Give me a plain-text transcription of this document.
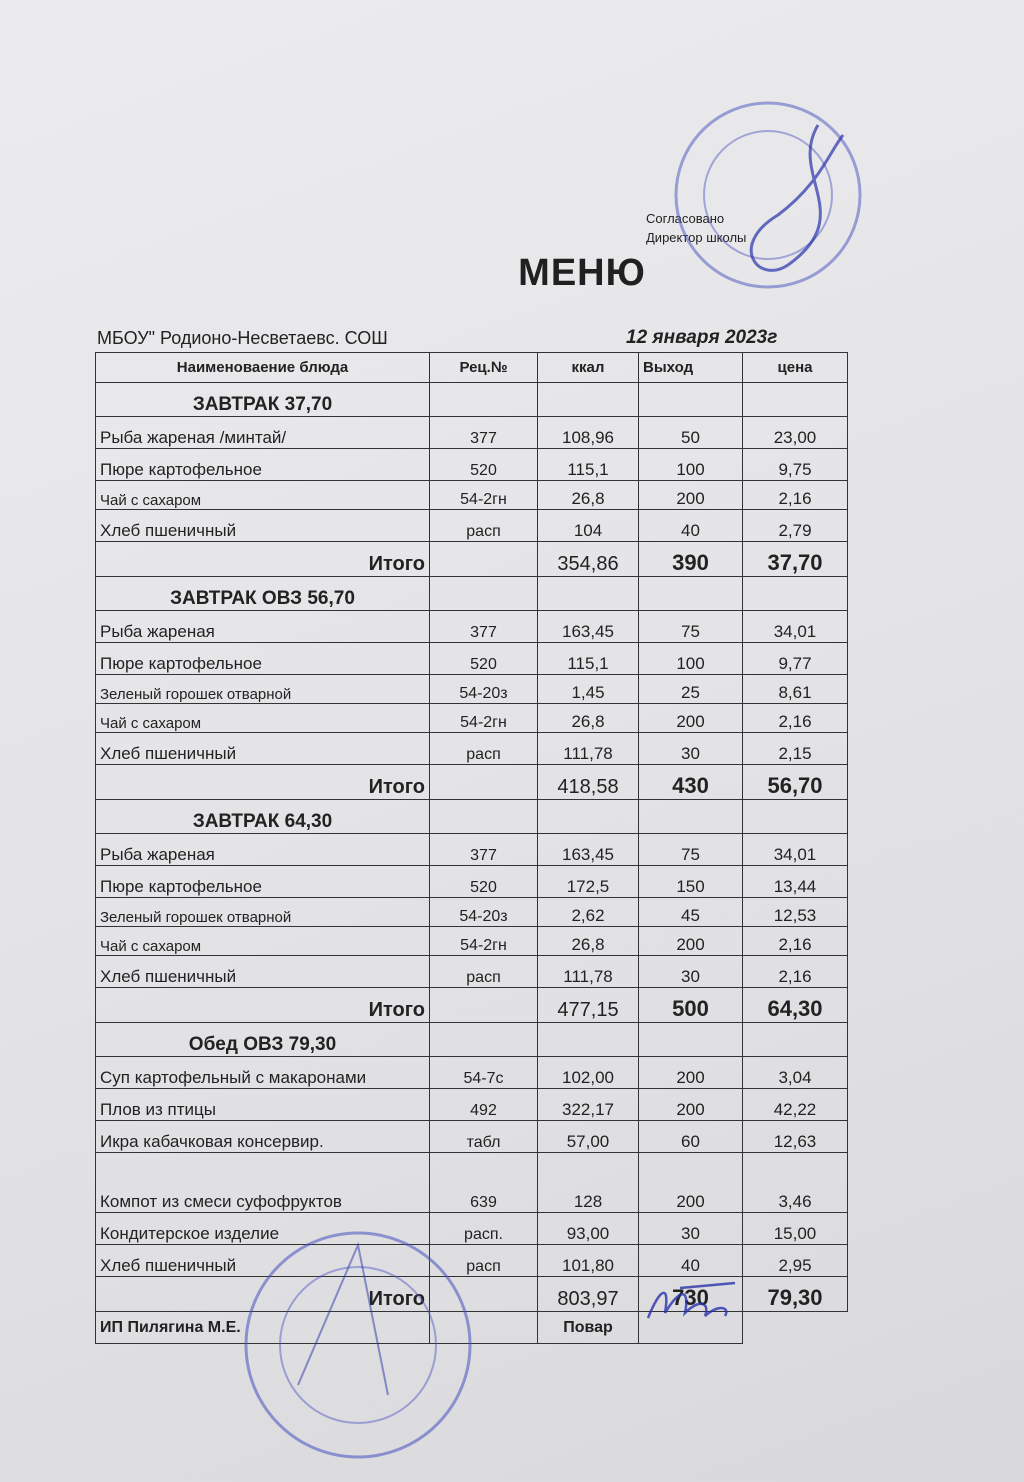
Согласовано
Директор школы
МЕНЮ
МБОУ" Родионо-Несветаевс. СОШ	12 января 2023г
Наименоваение блюда	Рец.№	ккал	Выход	цена
ЗАВТРАК 37,70				
Рыба жареная /минтай/	377	108,96	50	23,00
Пюре картофельное	520	115,1	100	9,75
Чай с сахаром	54-2гн	26,8	200	2,16
Хлеб пшеничный	расп	104	40	2,79
Итого		354,86	390	37,70
ЗАВТРАК ОВЗ 56,70				
Рыба жареная	377	163,45	75	34,01
Пюре картофельное	520	115,1	100	9,77
Зеленый горошек отварной	54-20з	1,45	25	8,61
Чай с сахаром	54-2гн	26,8	200	2,16
Хлеб пшеничный	расп	111,78	30	2,15
Итого		418,58	430	56,70
ЗАВТРАК 64,30				
Рыба жареная	377	163,45	75	34,01
Пюре картофельное	520	172,5	150	13,44
Зеленый горошек отварной	54-20з	2,62	45	12,53
Чай с сахаром	54-2гн	26,8	200	2,16
Хлеб пшеничный	расп	111,78	30	2,16
Итого		477,15	500	64,30
Обед ОВЗ 79,30				
Суп картофельный с макаронами	54-7с	102,00	200	3,04
Плов из птицы	492	322,17	200	42,22
Икра кабачковая консервир.	табл	57,00	60	12,63
Компот из смеси суфофруктов	639	128	200	3,46
Кондитерское изделие	расп.	93,00	30	15,00
Хлеб пшеничный	расп	101,80	40	2,95
Итого		803,97	730	79,30
ИП Пилягина М.Е.		Повар		
